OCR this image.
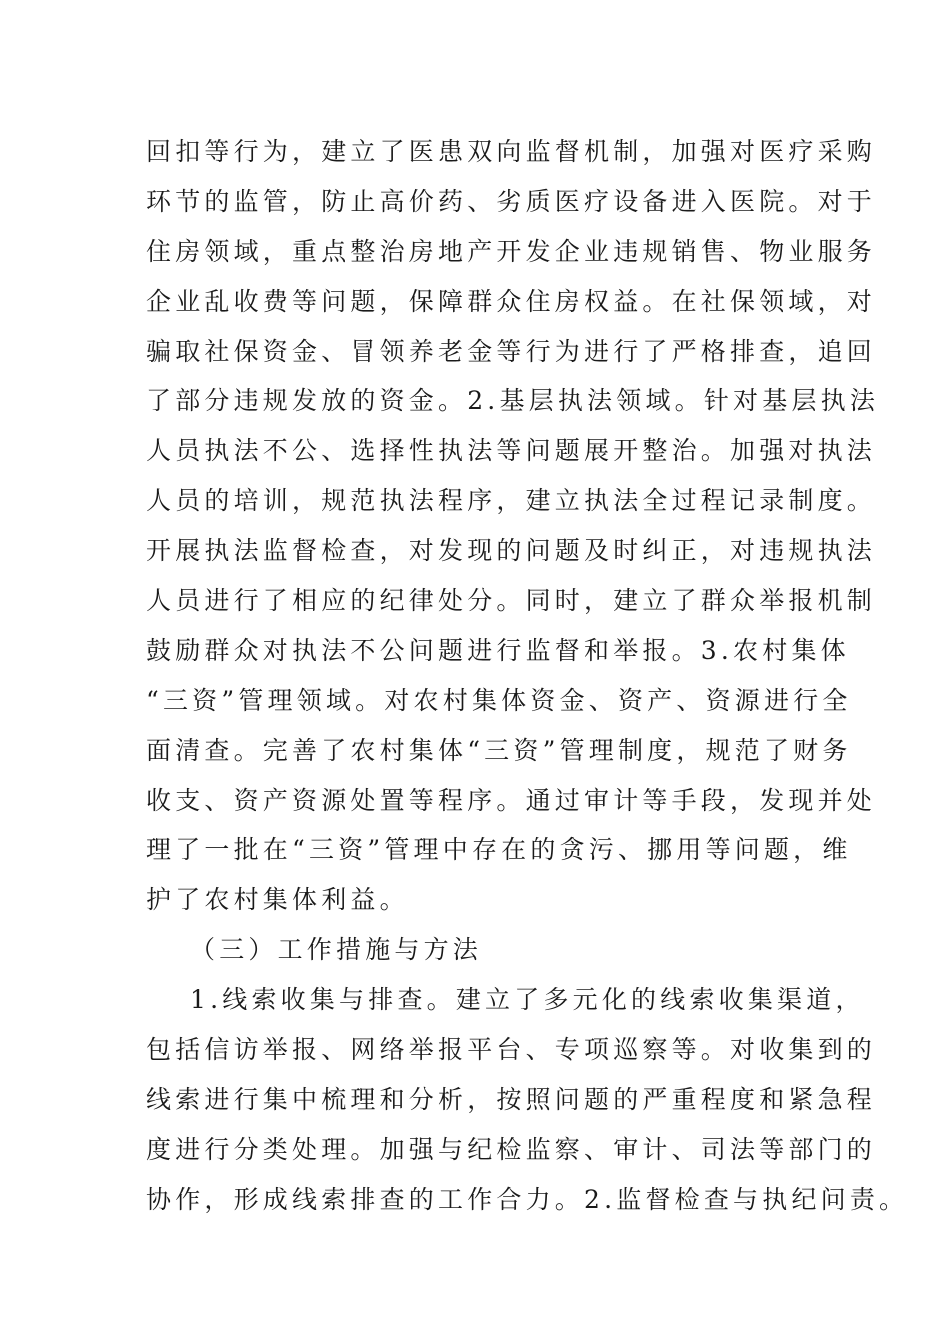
回扣等行为，建立了医患双向监督机制，加强对医疗采购
环节的监管，防止高价药、劣质医疗设备进入医院。对于
住房领域，重点整治房地产开发企业违规销售、物业服务
企业乱收费等问题，保障群众住房权益。在社保领域，对
骗取社保资金、冒领养老金等行为进行了严格排查，追回
了部分违规发放的资金。2.基层执法领域。针对基层执法
人员执法不公、选择性执法等问题展开整治。加强对执法
人员的培训，规范执法程序，建立执法全过程记录制度。
开展执法监督检查，对发现的问题及时纠正，对违规执法
人员进行了相应的纪律处分。同时，建立了群众举报机制
鼓励群众对执法不公问题进行监督和举报。3.农村集体
“三资”管理领域。对农村集体资金、资产、资源进行全
面清查。完善了农村集体“三资”管理制度，规范了财务
收支、资产资源处置等程序。通过审计等手段，发现并处
理了一批在“三资”管理中存在的贪污、挪用等问题，维
护了农村集体利益。
（三）工作措施与方法
1.线索收集与排查。建立了多元化的线索收集渠道，
包括信访举报、网络举报平台、专项巡察等。对收集到的
线索进行集中梳理和分析，按照问题的严重程度和紧急程
度进行分类处理。加强与纪检监察、审计、司法等部门的
协作，形成线索排查的工作合力。2.监督检查与执纪问责。
